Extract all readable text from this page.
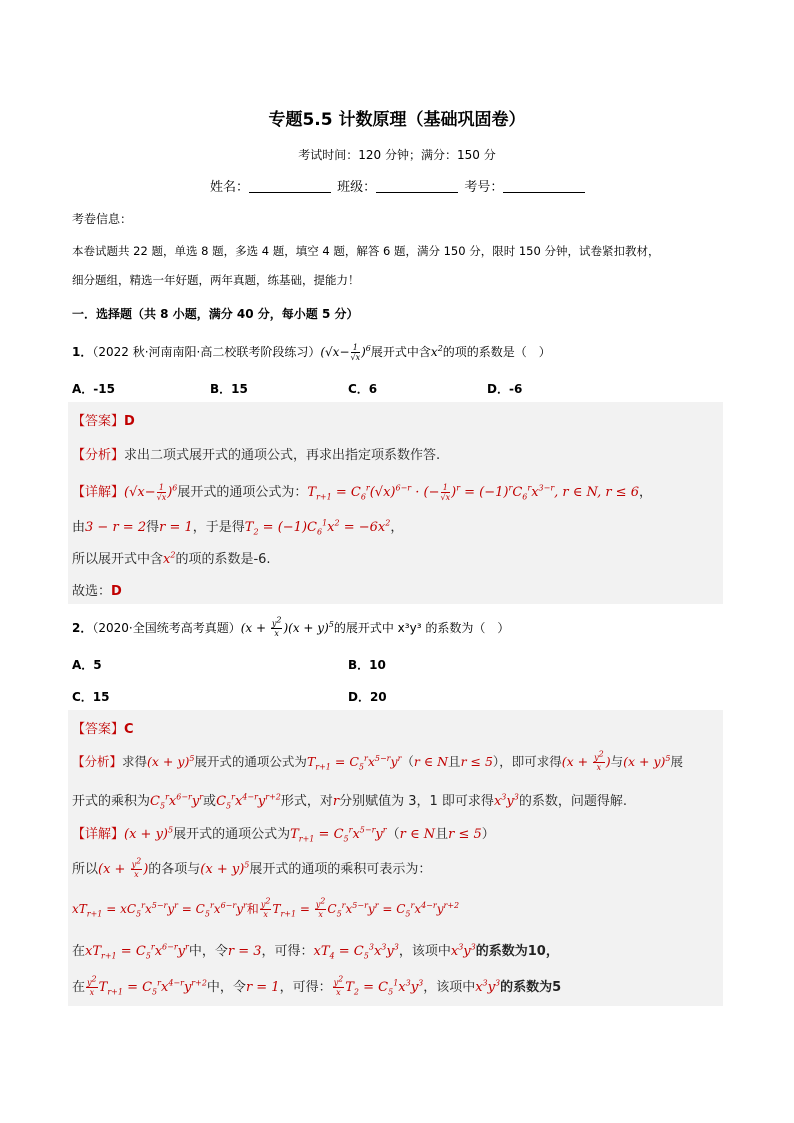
专题5.5 计数原理（基础巩固卷）
考试时间：120 分钟；满分：150 分
姓名：	班级：	考号：
考卷信息：
本卷试题共 22 题，单选 8 题，多选 4 题，填空 4 题，解答 6 题，满分 150 分，限时 150 分钟，试卷紧扣教材，
细分题组，精选一年好题，两年真题，练基础，提能力！
一．选择题（共 8 小题，满分 40 分，每小题 5 分）
1．（2022 秋·河南南阳·高二校联考阶段练习）$(√x- \frac{1}{√x} )^6$展开式中含$x^2$的项的系数是（　）
A．-15	B．15	C．6	D．-6
【答案】D
【分析】求出二项式展开式的通项公式，再求出指定项系数作答.
【详解】$(√x- \frac{1}{√x} )^6$展开式的通项公式为：$T_{r+1} = C_6^r(√x)^{6-r}$ · (− $\frac{1}{√x} )^r = (-1)^rC_6^rx^{3-r}$, r ∈ N, r ≤ 6，
由3 − r = 2得r = 1，于是得$T_2 = (-1)C_6^1x^2 = -6x^2$，
所以展开式中含$x^2$的项的系数是-6.
故选：D
2．（2020·全国统考高考真题）$(x + \frac{y^2}{x} )(x + y)^5$的展开式中 x³y³ 的系数为（　）
A．5	B．10
C．15	D．20
【答案】C
【分析】求得$(x + y)^5$展开式的通项公式为$T_{r+1} = C_5^rx^{5-r}y^r(r$ ∈ N且r ≤ 5），即可求得($x + \frac{y^2}{x}$ )与$(x + y)^5$展
开式的乘积为$C_5^rx^{6-r}y^r$或$C_5^rx^{4-r}y^{r+2}$形式，对r分别赋值为 3，1 即可求得$x^3y^3$的系数，问题得解.
【详解】$(x + y)^5$展开式的通项公式为$T_{r+1} = C_5^rx^{5-r}y^r(r$ ∈ N且r ≤ 5）
所以($x + \frac{y^2}{x}$ )的各项与$(x + y)^5$展开式的通项的乘积可表示为：
$xT_{r+1} = xC_5^rx^{5-r}y^r = C_5^rx^{6-r}y^r$和 $\frac{y^2}{x} T_{r+1} = \frac{y^2}{x} C_5^rx^{5-r}y^r = C_5^rx^{4-r}y^{r+2}$
在$xT_{r+1} = C_5^rx^{6-r}y^r$中，令r = 3，可得：$xT_4 = C_5^3x^3y^3$，该项中$x^3y^3$的系数为10，
在 $\frac{y^2}{x} T_{r+1} = C_5^rx^{4-r}y^{r+2}$中，令r = 1，可得： $\frac{y^2}{x} T_2 = C_5^1x^3y^3$，该项中$x^3y^3$的系数为5
